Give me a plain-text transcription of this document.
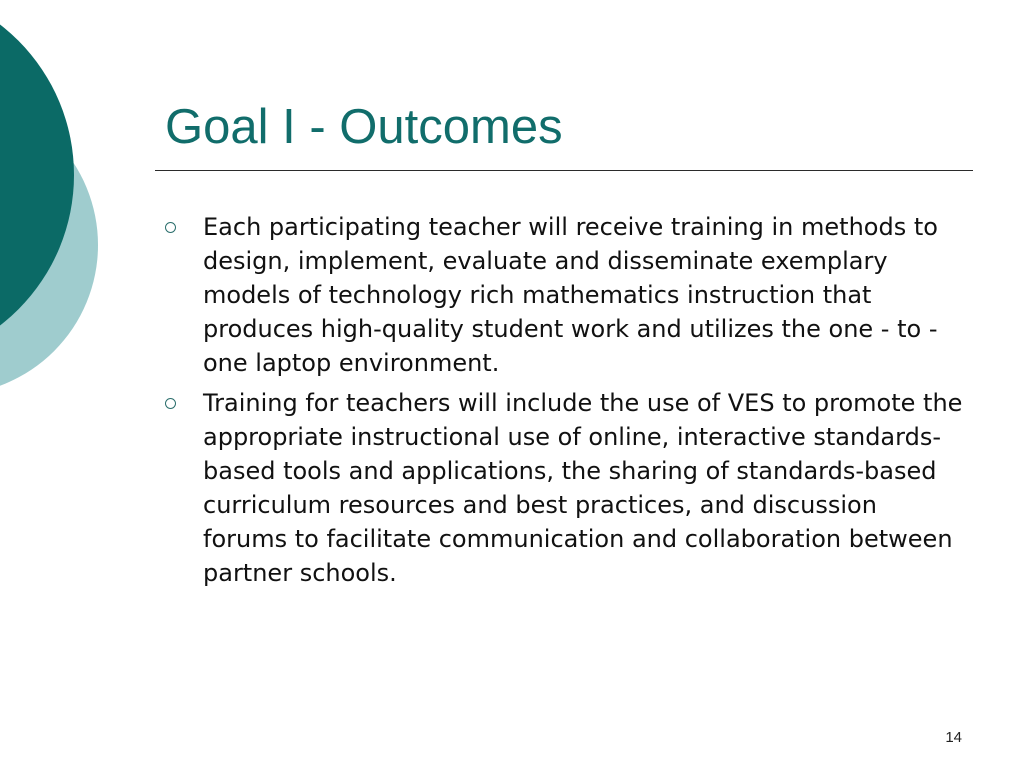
Goal I - Outcomes
Each participating teacher will receive training in methods to design, implement, evaluate and disseminate exemplary models of technology rich mathematics instruction that produces high-quality student work and utilizes the one - to - one laptop environment.
Training for teachers will include the use of VES to promote the appropriate instructional use of online, interactive standards-based tools and applications, the sharing of standards-based curriculum resources and best practices, and discussion forums to facilitate communication and collaboration between partner schools.
14
